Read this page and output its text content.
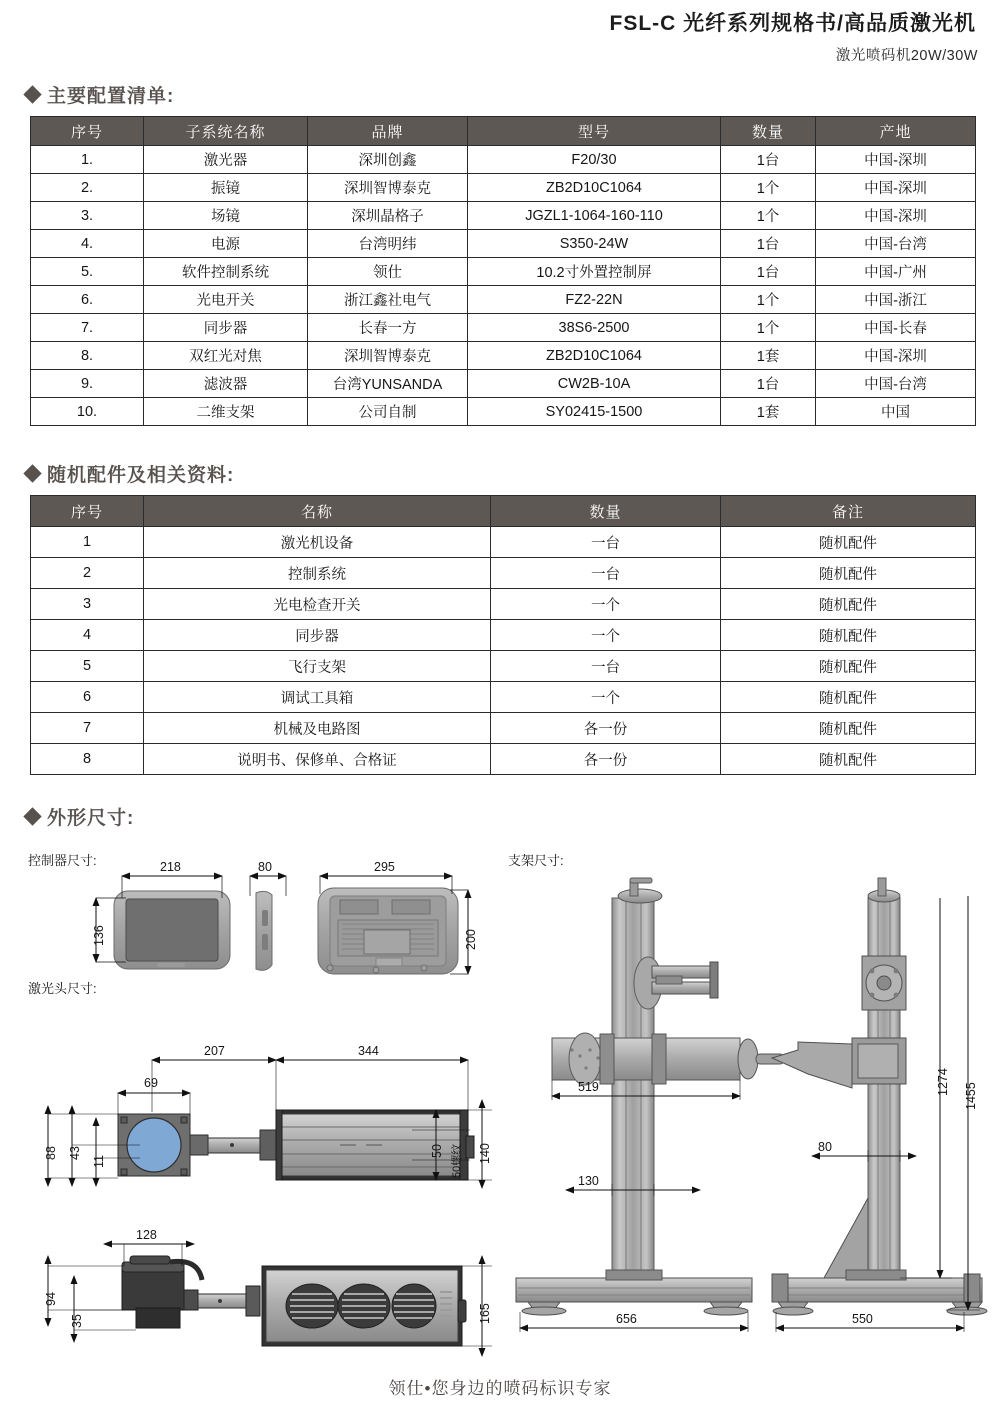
FSL-C 光纤系列规格书/高品质激光机
激光喷码机20W/30W
主要配置清单:
序号	子系统名称	品牌	型号	数量	产地
1.	激光器	深圳创鑫	F20/30	1台	中国-深圳
2.	振镜	深圳智博泰克	ZB2D10C1064	1个	中国-深圳
3.	场镜	深圳晶格子	JGZL1-1064-160-110	1个	中国-深圳
4.	电源	台湾明纬	S350-24W	1台	中国-台湾
5.	软件控制系统	领仕	10.2寸外置控制屏	1台	中国-广州
6.	光电开关	浙江鑫社电气	FZ2-22N	1个	中国-浙江
7.	同步器	长春一方	38S6-2500	1个	中国-长春
8.	双红光对焦	深圳智博泰克	ZB2D10C1064	1套	中国-深圳
9.	滤波器	台湾YUNSANDA	CW2B-10A	1台	中国-台湾
10.	二维支架	公司自制	SY02415-1500	1套	中国
随机配件及相关资料:
序号	名称	数量	备注
1	激光机设备	一台	随机配件
2	控制系统	一台	随机配件
3	光电检查开关	一个	随机配件
4	同步器	一个	随机配件
5	飞行支架	一台	随机配件
6	调试工具箱	一个	随机配件
7	机械及电路图	各一份	随机配件
8	说明书、保修单、合格证	各一份	随机配件
外形尺寸:
控制器尺寸:
激光头尺寸:
支架尺寸:
218
136
80	295
200
207	344
69
88 43
11
50 50螺纹 140
128
94
35	165
519
130
656
1274
1455
80
550
领仕•您身边的喷码标识专家
